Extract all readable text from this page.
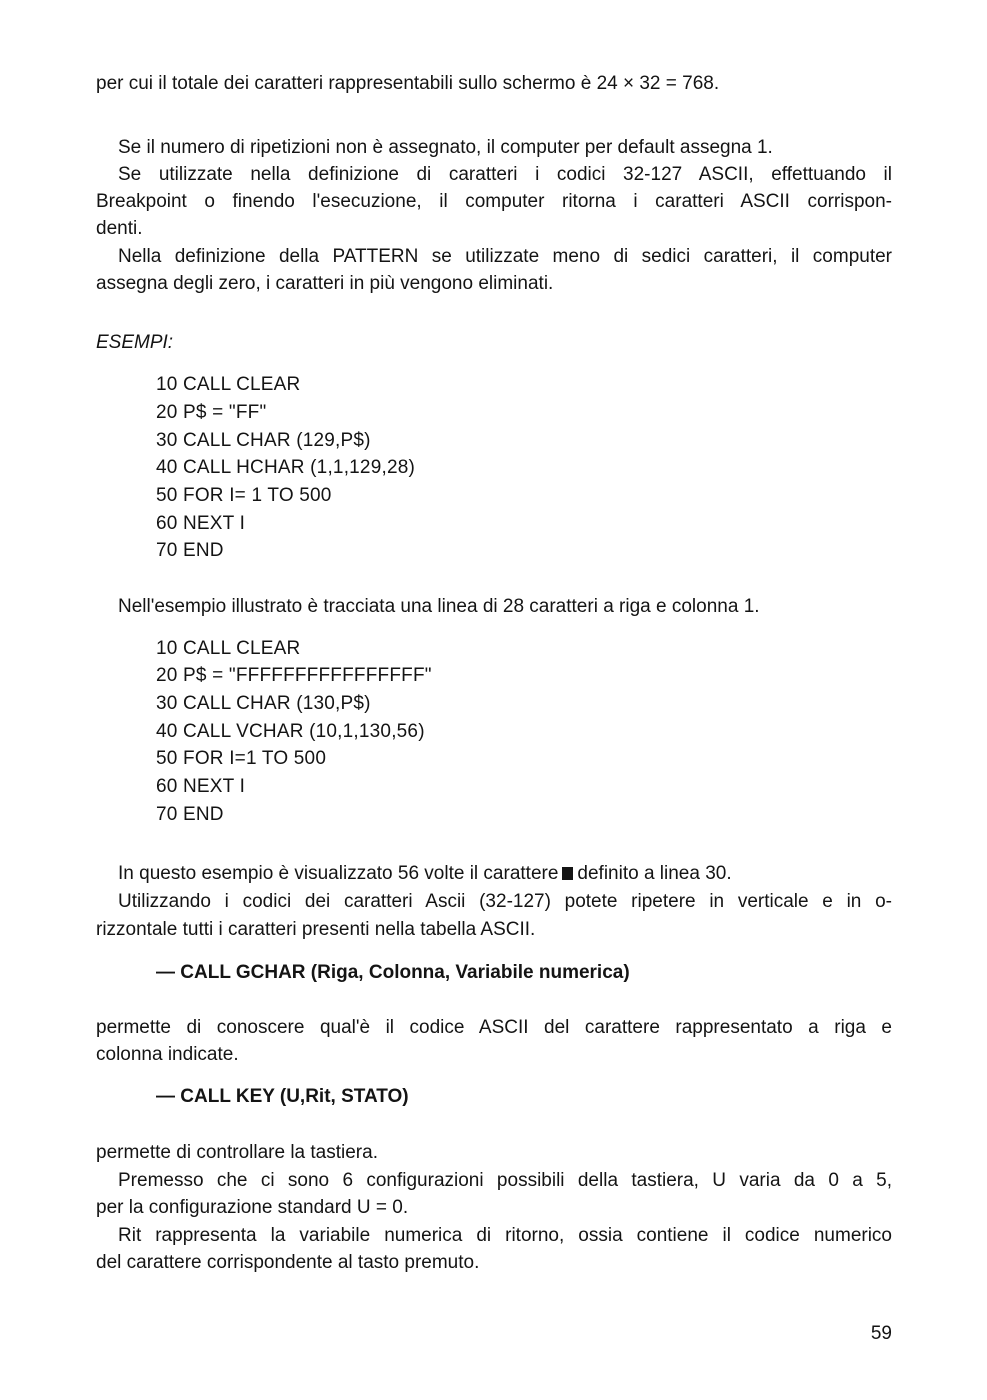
per cui il totale dei caratteri rappresentabili sullo schermo è 24 × 32 = 768.
Se il numero di ripetizioni non è assegnato, il computer per default assegna 1.
Se utilizzate nella definizione di caratteri i codici 32-127 ASCII, effettuando il
Breakpoint o finendo l'esecuzione, il computer ritorna i caratteri ASCII corrispon-
denti.
Nella definizione della PATTERN se utilizzate meno di sedici caratteri, il computer
assegna degli zero, i caratteri in più vengono eliminati.
ESEMPI:
10 CALL CLEAR
20 P$ = "FF"
30 CALL CHAR (129,P$)
40 CALL HCHAR (1,1,129,28)
50 FOR I= 1 TO 500
60 NEXT I
70 END
Nell'esempio illustrato è tracciata una linea di 28 caratteri a riga e colonna 1.
10 CALL CLEAR
20 P$ = "FFFFFFFFFFFFFFFF"
30 CALL CHAR (130,P$)
40 CALL VCHAR (10,1,130,56)
50 FOR I=1 TO 500
60 NEXT I
70 END
In questo esempio è visualizzato 56 volte il carattere definito a linea 30.
Utilizzando i codici dei caratteri Ascii (32-127) potete ripetere in verticale e in o-
rizzontale tutti i caratteri presenti nella tabella ASCII.
— CALL GCHAR (Riga, Colonna, Variabile numerica)
permette di conoscere qual'è il codice ASCII del carattere rappresentato a riga e
colonna indicate.
— CALL KEY (U,Rit, STATO)
permette di controllare la tastiera.
Premesso che ci sono 6 configurazioni possibili della tastiera, U varia da 0 a 5,
per la configurazione standard U = 0.
Rit rappresenta la variabile numerica di ritorno, ossia contiene il codice numerico
del carattere corrispondente al tasto premuto.
59
